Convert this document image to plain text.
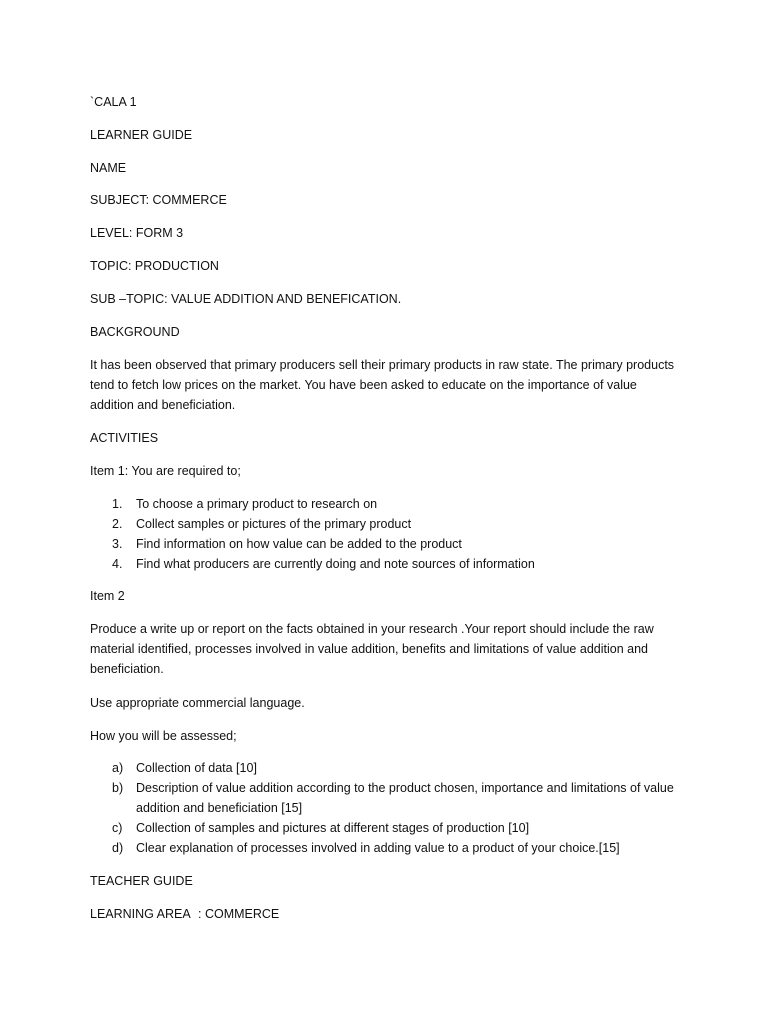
`CALA 1

LEARNER GUIDE

NAME

SUBJECT: COMMERCE

LEVEL: FORM 3

TOPIC: PRODUCTION

SUB –TOPIC: VALUE ADDITION AND BENEFICATION.

BACKGROUND

It has been observed that primary producers sell their primary products in raw state. The primary products tend to fetch low prices on the market. You have been asked to educate on the importance of value addition and beneficiation.

ACTIVITIES

Item 1: You are required to;

1. To choose a primary product to research on
2. Collect samples or pictures of the primary product
3. Find information on how value can be added to the product
4. Find what producers are currently doing and note sources of information

Item 2

Produce a write up or report on the facts obtained in your research .Your report should include the raw material identified, processes involved in value addition, benefits and limitations of value addition and beneficiation.

Use appropriate commercial language.

How you will be assessed;

a) Collection of data [10]
b) Description of value addition according to the product chosen, importance and limitations of value addition and beneficiation [15]
c) Collection of samples and pictures at different stages of production [10]
d) Clear explanation of processes involved in adding value to a product of your choice.[15]

TEACHER GUIDE

LEARNING AREA : COMMERCE
